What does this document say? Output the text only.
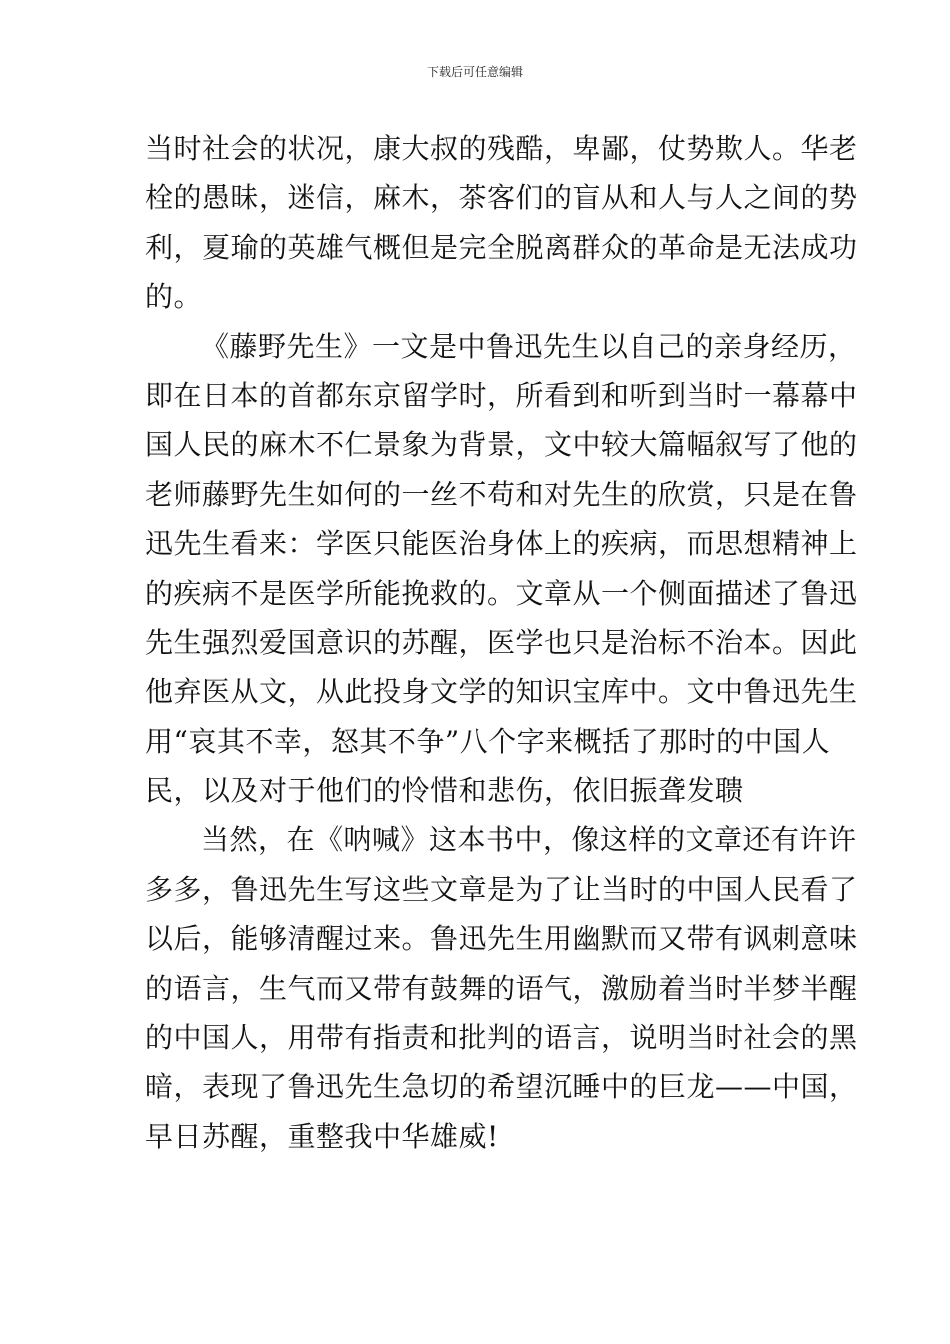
下载后可任意编辑
当时社会的状况，康大叔的残酷，卑鄙，仗势欺人。华老
栓的愚昧，迷信，麻木，茶客们的盲从和人与人之间的势
利，夏瑜的英雄气概但是完全脱离群众的革命是无法成功
的。
《藤野先生》一文是中鲁迅先生以自己的亲身经历，
即在日本的首都东京留学时，所看到和听到当时一幕幕中
国人民的麻木不仁景象为背景，文中较大篇幅叙写了他的
老师藤野先生如何的一丝不苟和对先生的欣赏，只是在鲁
迅先生看来：学医只能医治身体上的疾病，而思想精神上
的疾病不是医学所能挽救的。文章从一个侧面描述了鲁迅
先生强烈爱国意识的苏醒，医学也只是治标不治本。因此
他弃医从文，从此投身文学的知识宝库中。文中鲁迅先生
用“哀其不幸，怒其不争”八个字来概括了那时的中国人
民，以及对于他们的怜惜和悲伤，依旧振聋发聩
当然，在《呐喊》这本书中，像这样的文章还有许许
多多，鲁迅先生写这些文章是为了让当时的中国人民看了
以后，能够清醒过来。鲁迅先生用幽默而又带有讽刺意味
的语言，生气而又带有鼓舞的语气，激励着当时半梦半醒
的中国人，用带有指责和批判的语言，说明当时社会的黑
暗，表现了鲁迅先生急切的希望沉睡中的巨龙——中国，
早日苏醒，重整我中华雄威!
